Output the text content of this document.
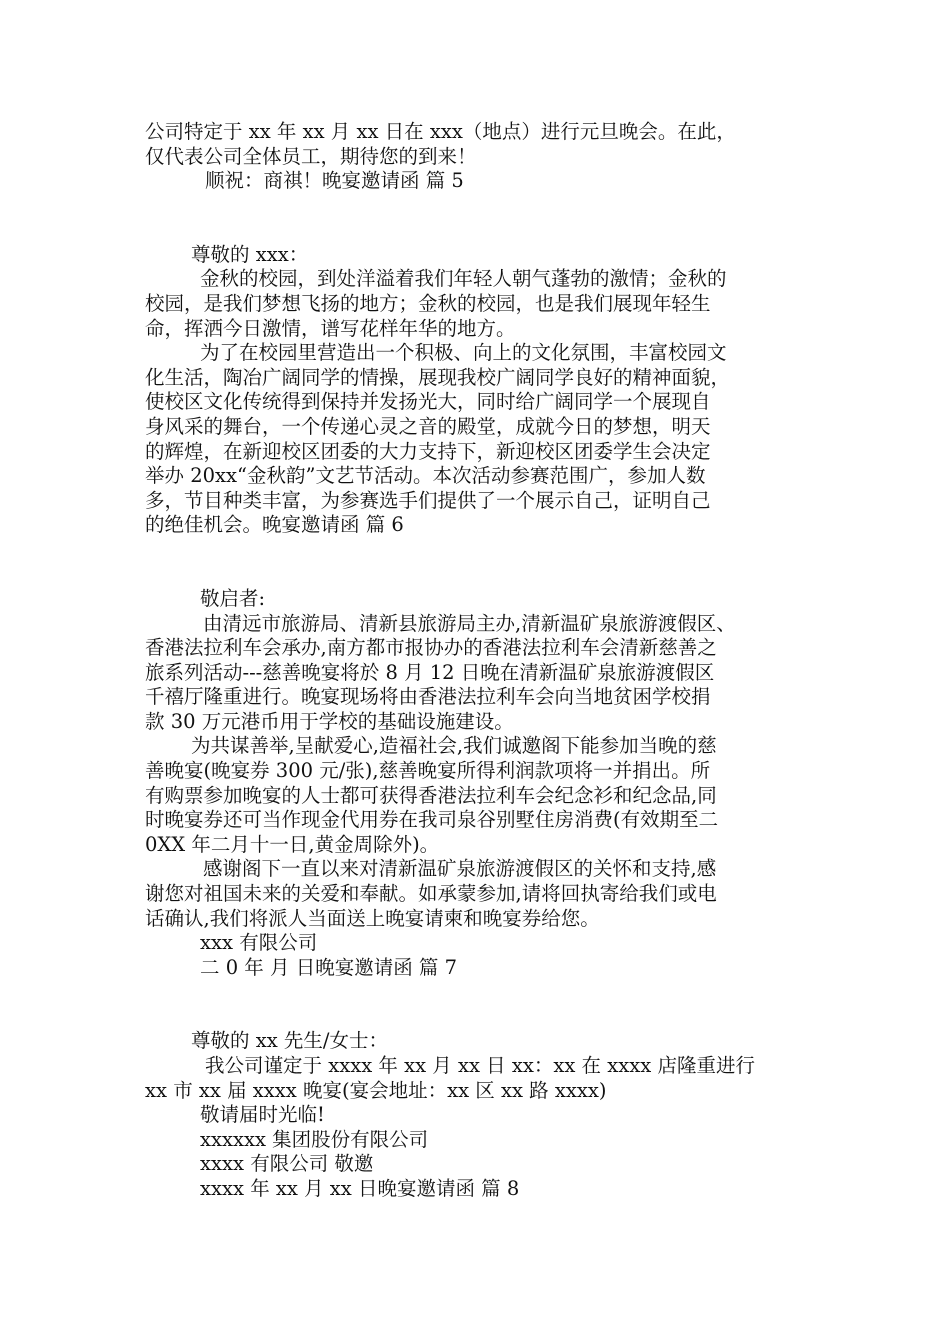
公司特定于 xx 年 xx 月 xx 日在 xxx（地点）进行元旦晚会。在此，

仅代表公司全体员工，期待您的到来！

顺祝：商祺！晚宴邀请函 篇 5

尊敬的 xxx：

金秋的校园，到处洋溢着我们年轻人朝气蓬勃的激情；金秋的

校园，是我们梦想飞扬的地方；金秋的校园，也是我们展现年轻生

命，挥洒今日激情，谱写花样年华的地方。

为了在校园里营造出一个积极、向上的文化氛围，丰富校园文

化生活，陶冶广阔同学的情操，展现我校广阔同学良好的精神面貌，

使校区文化传统得到保持并发扬光大，同时给广阔同学一个展现自

身风采的舞台，一个传递心灵之音的殿堂，成就今日的梦想，明天

的辉煌，在新迎校区团委的大力支持下，新迎校区团委学生会决定

举办 20xx“金秋韵”文艺节活动。本次活动参赛范围广，参加人数

多，节目种类丰富，为参赛选手们提供了一个展示自己，证明自己

的绝佳机会。晚宴邀请函 篇 6

敬启者:

由清远市旅游局、清新县旅游局主办,清新温矿泉旅游渡假区、

香港法拉利车会承办,南方都市报协办的香港法拉利车会清新慈善之

旅系列活动---慈善晚宴将於 8 月 12 日晚在清新温矿泉旅游渡假区

千禧厅隆重进行。晚宴现场将由香港法拉利车会向当地贫困学校捐

款 30 万元港币用于学校的基础设施建设。

为共谋善举,呈献爱心,造福社会,我们诚邀阁下能参加当晚的慈

善晚宴(晚宴券 300 元/张),慈善晚宴所得利润款项将一并捐出。所

有购票参加晚宴的人士都可获得香港法拉利车会纪念衫和纪念品,同

时晚宴券还可当作现金代用券在我司泉谷别墅住房消费(有效期至二

0XX 年二月十一日,黄金周除外)。

感谢阁下一直以来对清新温矿泉旅游渡假区的关怀和支持,感

谢您对祖国未来的关爱和奉献。如承蒙参加,请将回执寄给我们或电

话确认,我们将派人当面送上晚宴请柬和晚宴券给您。

xxx 有限公司

二 0 年 月 日晚宴邀请函 篇 7

尊敬的 xx 先生/女士：

我公司谨定于 xxxx 年 xx 月 xx 日 xx：xx 在 xxxx 店隆重进行

xx 市 xx 届 xxxx 晚宴(宴会地址：xx 区 xx 路 xxxx)

敬请届时光临!

xxxxxx 集团股份有限公司

xxxx 有限公司 敬邀

xxxx 年 xx 月 xx 日晚宴邀请函 篇 8
